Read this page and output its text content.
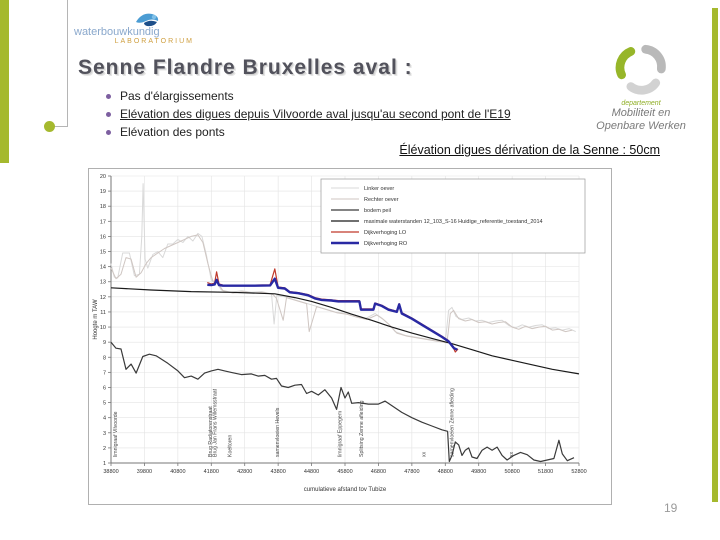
waterbouwkundig
LABORATORIUM
departement
Mobiliteit en
Openbare Werken
Senne Flandre Bruxelles aval :
Pas d'élargissements
Elévation des digues depuis Vilvoorde aval jusqu'au second pont de l'E19
Elévation des ponts
Élévation digues dérivation de la Senne : 50cm
38800	39800	40800	41800	42800	43800	44800	45800	46800	47800	48800	49800	50800	51800	52800
1
2
3
4
5
6
7
8
9
10
11
12
13
14
15
16
17
18
19
20
Hoogte m TAW
cumulatieve afstand tov Tubize
limnigraaf Vilvoorde	Brug Radiatorenstraat
Brug Jan Frans Willemsstraat Koeltoren	samenvloeien Hevels	limnigraaf Eppegem	Splitsing Zenne afleiding	samenvloeien Zenne afleiding
xx	xx
Linker oever
Rechter oever
bodem peil
maximale waterstanden 12_103_S-16 Huidige_referentie_toestand_2014
Dijkverhoging LO
Dijkverhoging RO
19
